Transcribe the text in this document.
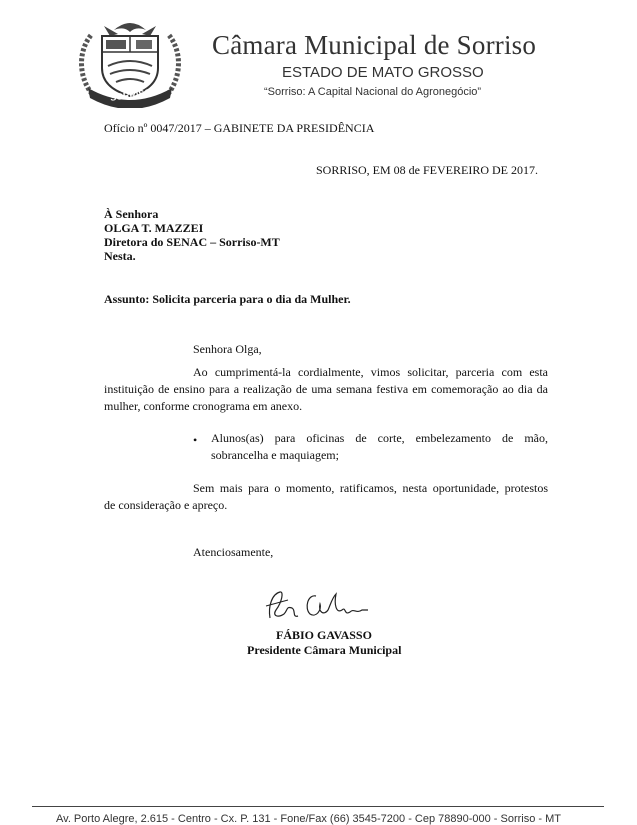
SORRISO
Câmara Municipal de Sorriso
ESTADO DE MATO GROSSO
“Sorriso: A Capital Nacional do Agronegócio”
Ofício nº 0047/2017 – GABINETE DA PRESIDÊNCIA
SORRISO, EM 08 de FEVEREIRO DE 2017.
À Senhora
OLGA T. MAZZEI
Diretora do SENAC – Sorriso-MT
Nesta.
Assunto: Solicita parceria para o dia da Mulher.
Senhora Olga,
Ao cumprimentá-la cordialmente, vimos solicitar, parceria com esta
instituição de ensino para a realização de uma semana festiva em comemoração ao dia da mulher, conforme cronograma em anexo.
• Alunos(as) para oficinas de corte, embelezamento de mão, sobrancelha e maquiagem;
Sem mais para o momento, ratificamos, nesta oportunidade, protestos
de consideração e apreço.
Atenciosamente,
FÁBIO GAVASSO
Presidente Câmara Municipal
Av. Porto Alegre, 2.615 - Centro - Cx. P. 131 - Fone/Fax (66) 3545-7200 - Cep 78890-000 - Sorriso - MT
